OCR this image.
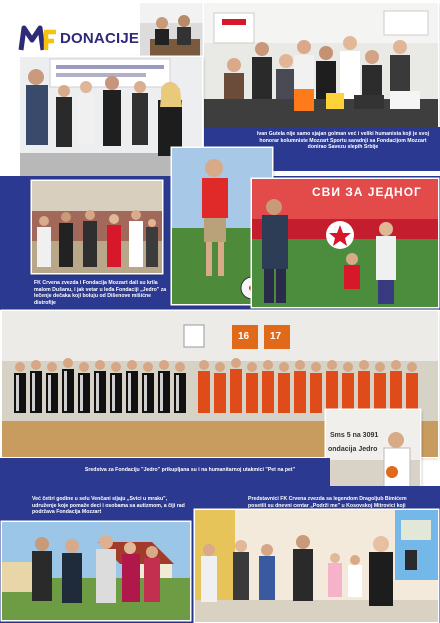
DONACIJE

Ivan Gutela nije samo sjajan golman već i veliki humanista koji je svoj honorar kolumniste Mozzart Sportu saradnji sa Fondacijom Mozzart donirao Savezu slepih Srbije

СВИ ЗА ЈЕДНОГ

FK Crvena zvezda i Fondacija Mozzart dali su krila malom Dušanu, i jak vetar u leđa Fondaciji „Jedro" za lečenje dečaka koji boluju od Dišenove mišićne distrofije

16 17
Sms 5 na 3091
ondacija Jedro

Sredstva za Fondaciju "Jedro" prikupljana su i na humanitarnoj utakmici "Pet na pet"

Već četiri godine u selu Venčani sijaju „Svici u mraku", udruženje koje pomaže deci i osobama sa autizmom, a čiji rad podržava Fondacija Mozzart

Predstavnici FK Crvena zvezda sa legendom Dragoljub Bimićem posetili su dnevni centar „Podrži me" u Kosovskoj Mitrovici koji
